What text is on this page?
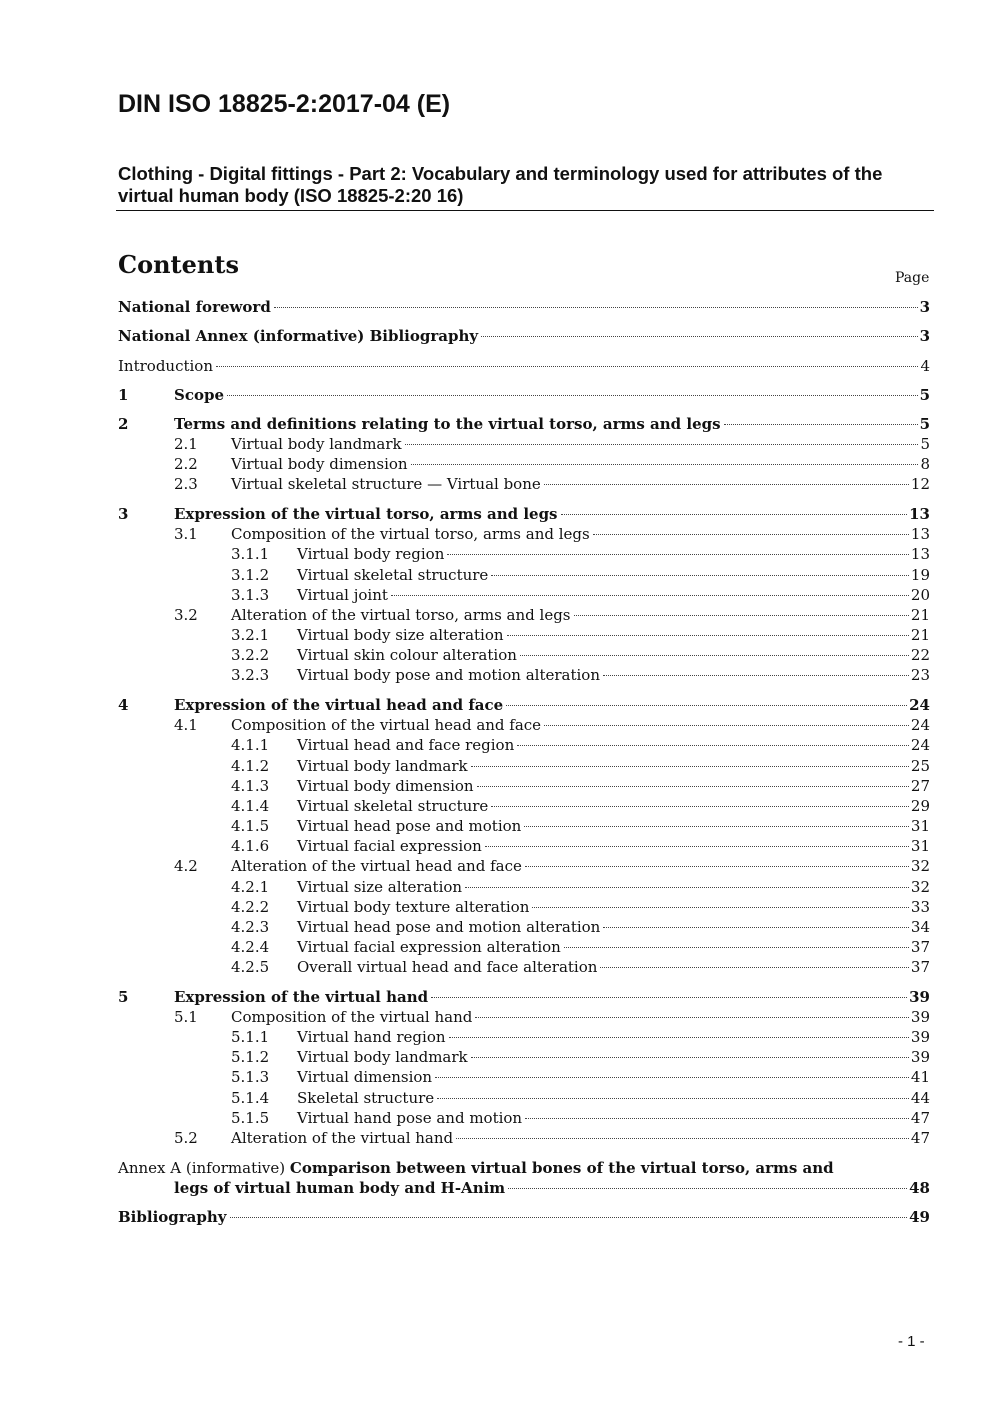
DIN ISO 18825-2:2017-04 (E)
Clothing - Digital fittings - Part 2: Vocabulary and terminology used for attributes of the virtual human body (ISO 18825-2:20 16)
Contents	Page
National foreword	3
National Annex (informative) Bibliography	3
Introduction	4
1	Scope	5
2	Terms and definitions relating to the virtual torso, arms and legs	5
2.1 Virtual body landmark	5
2.2 Virtual body dimension	8
2.3 Virtual skeletal structure — Virtual bone	12
3	Expression of the virtual torso, arms and legs	13
3.1 Composition of the virtual torso, arms and legs	13
3.1.1 Virtual body region	13
3.1.2 Virtual skeletal structure	19
3.1.3 Virtual joint	20
3.2 Alteration of the virtual torso, arms and legs	21
3.2.1 Virtual body size alteration	21
3.2.2 Virtual skin colour alteration	22
3.2.3 Virtual body pose and motion alteration	23
4	Expression of the virtual head and face	24
4.1 Composition of the virtual head and face	24
4.1.1 Virtual head and face region	24
4.1.2 Virtual body landmark	25
4.1.3 Virtual body dimension	27
4.1.4 Virtual skeletal structure	29
4.1.5 Virtual head pose and motion	31
4.1.6 Virtual facial expression	31
4.2 Alteration of the virtual head and face	32
4.2.1 Virtual size alteration	32
4.2.2 Virtual body texture alteration	33
4.2.3 Virtual head pose and motion alteration	34
4.2.4 Virtual facial expression alteration	37
4.2.5 Overall virtual head and face alteration	37
5	Expression of the virtual hand	39
5.1 Composition of the virtual hand	39
5.1.1 Virtual hand region	39
5.1.2 Virtual body landmark	39
5.1.3 Virtual dimension	41
5.1.4 Skeletal structure	44
5.1.5 Virtual hand pose and motion	47
5.2 Alteration of the virtual hand	47
Annex A (informative) Comparison between virtual bones of the virtual torso, arms and
legs of virtual human body and H-Anim	48
Bibliography	49
- 1 -
